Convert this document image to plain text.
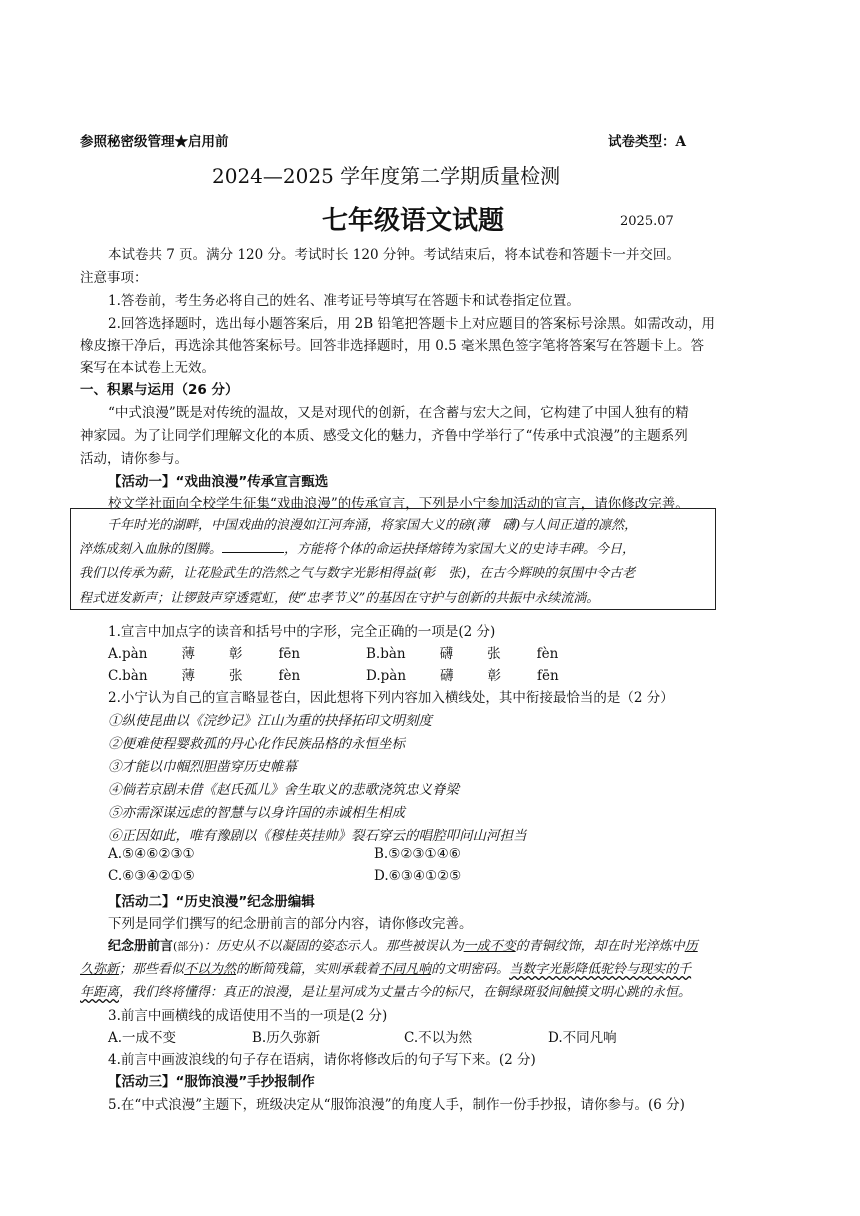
参照秘密级管理★启用前	试卷类型：A
2024—2025 学年度第二学期质量检测
七年级语文试题	2025.07
本试卷共 7 页。满分 120 分。考试时长 120 分钟。考试结束后，将本试卷和答题卡一并交回。
注意事项：
1.答卷前，考生务必将自己的姓名、准考证号等填写在答题卡和试卷指定位置。
2.回答选择题时，选出每小题答案后，用 2B 铅笔把答题卡上对应题目的答案标号涂黑。如需改动，用
橡皮擦干净后，再选涂其他答案标号。回答非选择题时，用 0.5 毫米黑色签字笔将答案写在答题卡上。答
案写在本试卷上无效。
一、积累与运用（26 分）
“中式浪漫”既是对传统的温故，又是对现代的创新，在含蓄与宏大之间，它构建了中国人独有的精
神家园。为了让同学们理解文化的本质、感受文化的魅力，齐鲁中学举行了“传承中式浪漫”的主题系列
活动，请你参与。
【活动一】“戏曲浪漫”传承宣言甄选
校文学社面向全校学生征集“戏曲浪漫”的传承宣言，下列是小宁参加活动的宣言，请你修改完善。
千年时光的湖畔，中国戏曲的浪漫如江河奔涌，将家国大义的磅(薄　礴)与人间正道的凛然，
淬炼成刻入血脉的图腾。	，方能将个体的命运抉择熔铸为家国大义的史诗丰碑。今日，
我们以传承为薪，让花脸武生的浩然之气与数字光影相得益(彰　张)，在古今辉映的氛围中令古老
程式迸发新声；让锣鼓声穿透霓虹，使“忠孝节义”的基因在守护与创新的共振中永续流淌。
1.宣言中加点字的读音和括号中的字形，完全正确的一项是(2 分)
A.pàn	薄	彰	fēn	B.bàn	礴	张	fèn
C.bàn	薄	张	fèn	D.pàn	礴	彰	fēn
2.小宁认为自己的宣言略显苍白，因此想将下列内容加入横线处，其中衔接最恰当的是（2 分）
①纵使昆曲以《浣纱记》江山为重的抉择拓印文明刻度
②便难使程婴救孤的丹心化作民族品格的永恒坐标
③才能以巾帼烈胆凿穿历史帷幕
④倘若京剧未借《赵氏孤儿》舍生取义的悲歌浇筑忠义脊梁
⑤亦需深谋远虑的智慧与以身许国的赤诚相生相成
⑥正因如此，唯有豫剧以《穆桂英挂帅》裂石穿云的唱腔叩问山河担当
A.⑤④⑥②③①	B.⑤②③①④⑥
C.⑥③④②①⑤	D.⑥③④①②⑤
【活动二】“历史浪漫”纪念册编辑
下列是同学们撰写的纪念册前言的部分内容，请你修改完善。
纪念册前言(部分)：历史从不以凝固的姿态示人。那些被误认为一成不变的青铜纹饰，却在时光淬炼中历
久弥新；那些看似不以为然的断简残篇，实则承载着不同凡响的文明密码。当数字光影降低驼铃与现实的千
年距离，我们终将懂得：真正的浪漫，是让星河成为丈量古今的标尺，在铜绿斑驳间触摸文明心跳的永恒。
3.前言中画横线的成语使用不当的一项是(2 分)
A.一成不变	B.历久弥新	C.不以为然	D.不同凡响
4.前言中画波浪线的句子存在语病，请你将修改后的句子写下来。(2 分)
【活动三】“服饰浪漫”手抄报制作
5.在“中式浪漫”主题下，班级决定从“服饰浪漫”的角度人手，制作一份手抄报，请你参与。(6 分)
